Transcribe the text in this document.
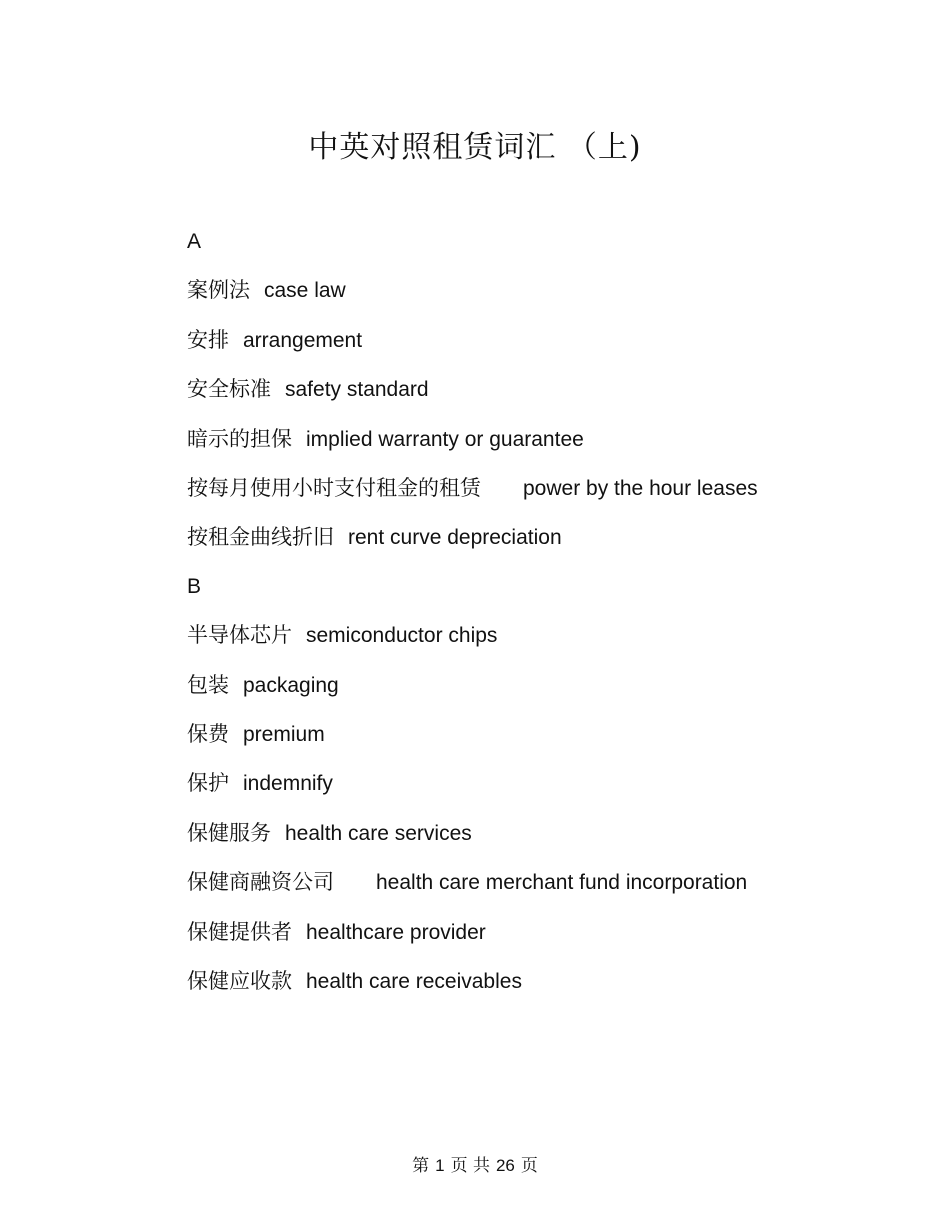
中英对照租赁词汇 （上)

A

案例法 case law

安排 arrangement

安全标准 safety standard

暗示的担保 implied warranty or guarantee

按每月使用小时支付租金的租赁 power by the hour leases

按租金曲线折旧 rent curve depreciation

B

半导体芯片 semiconductor chips

包装 packaging

保费 premium

保护 indemnify

保健服务 health care services

保健商融资公司 health care merchant fund incorporation

保健提供者 healthcare provider

保健应收款 health care receivables

第 1 页 共 26 页
